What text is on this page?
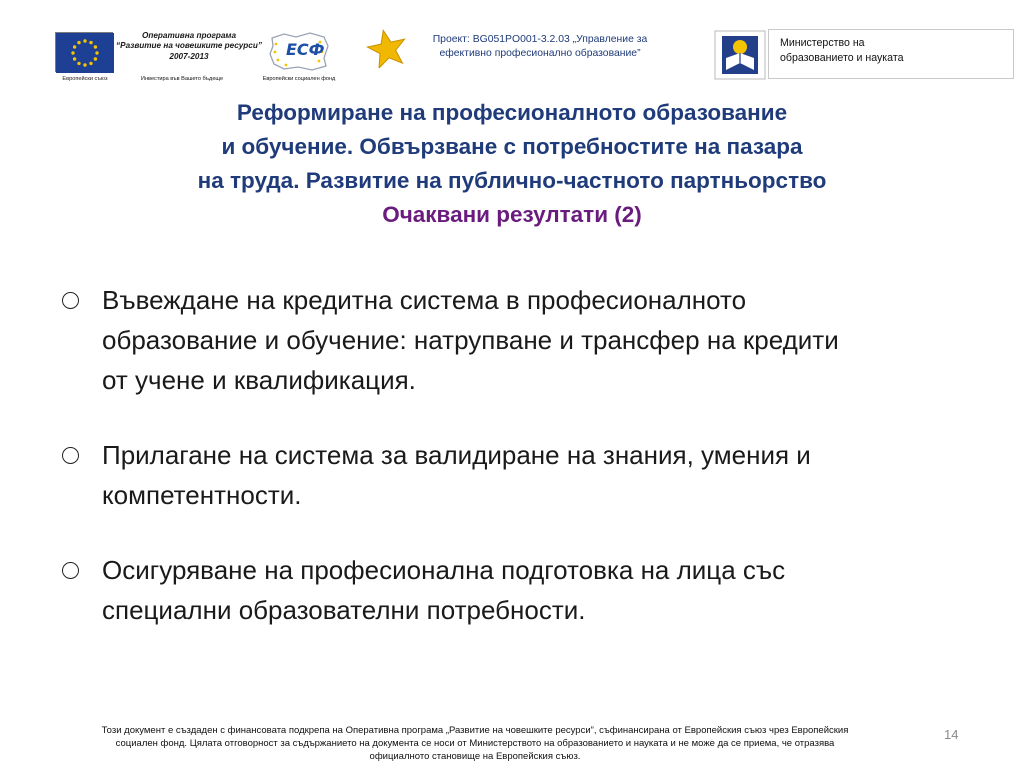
Европейски съюз
Оперативна програма
“Развитие на човешките ресурси”
2007-2013
Инвестира във Вашето бъдеще
ЕСФ
Европейски социален фонд
Проект: BG051PO001-3.2.03 „Управление за
ефективно професионално образование”
Министерство на
образованието и науката
Реформиране на професионалното образование
и обучение. Обвързване с потребностите на пазара
на труда. Развитие на публично-частното партньорство
Очаквани резултати (2)
Въвеждане на кредитна система в професионалното
образование и обучение: натрупване и трансфер на кредити
от учене и квалификация.
Прилагане на система за валидиране на знания, умения и
компетентности.
Осигуряване на професионална подготовка на лица със
специални образователни потребности.
Този документ е създаден с финансовата подкрепа на Оперативна програма „Развитие на човешките ресурси”, съфинансирана от Европейския съюз чрез Европейския
социален фонд. Цялата отговорност за съдържанието на документа се носи от Министерството на образованието и науката и не може да се приема, че отразява
официалното становище на Европейския съюз.
14
